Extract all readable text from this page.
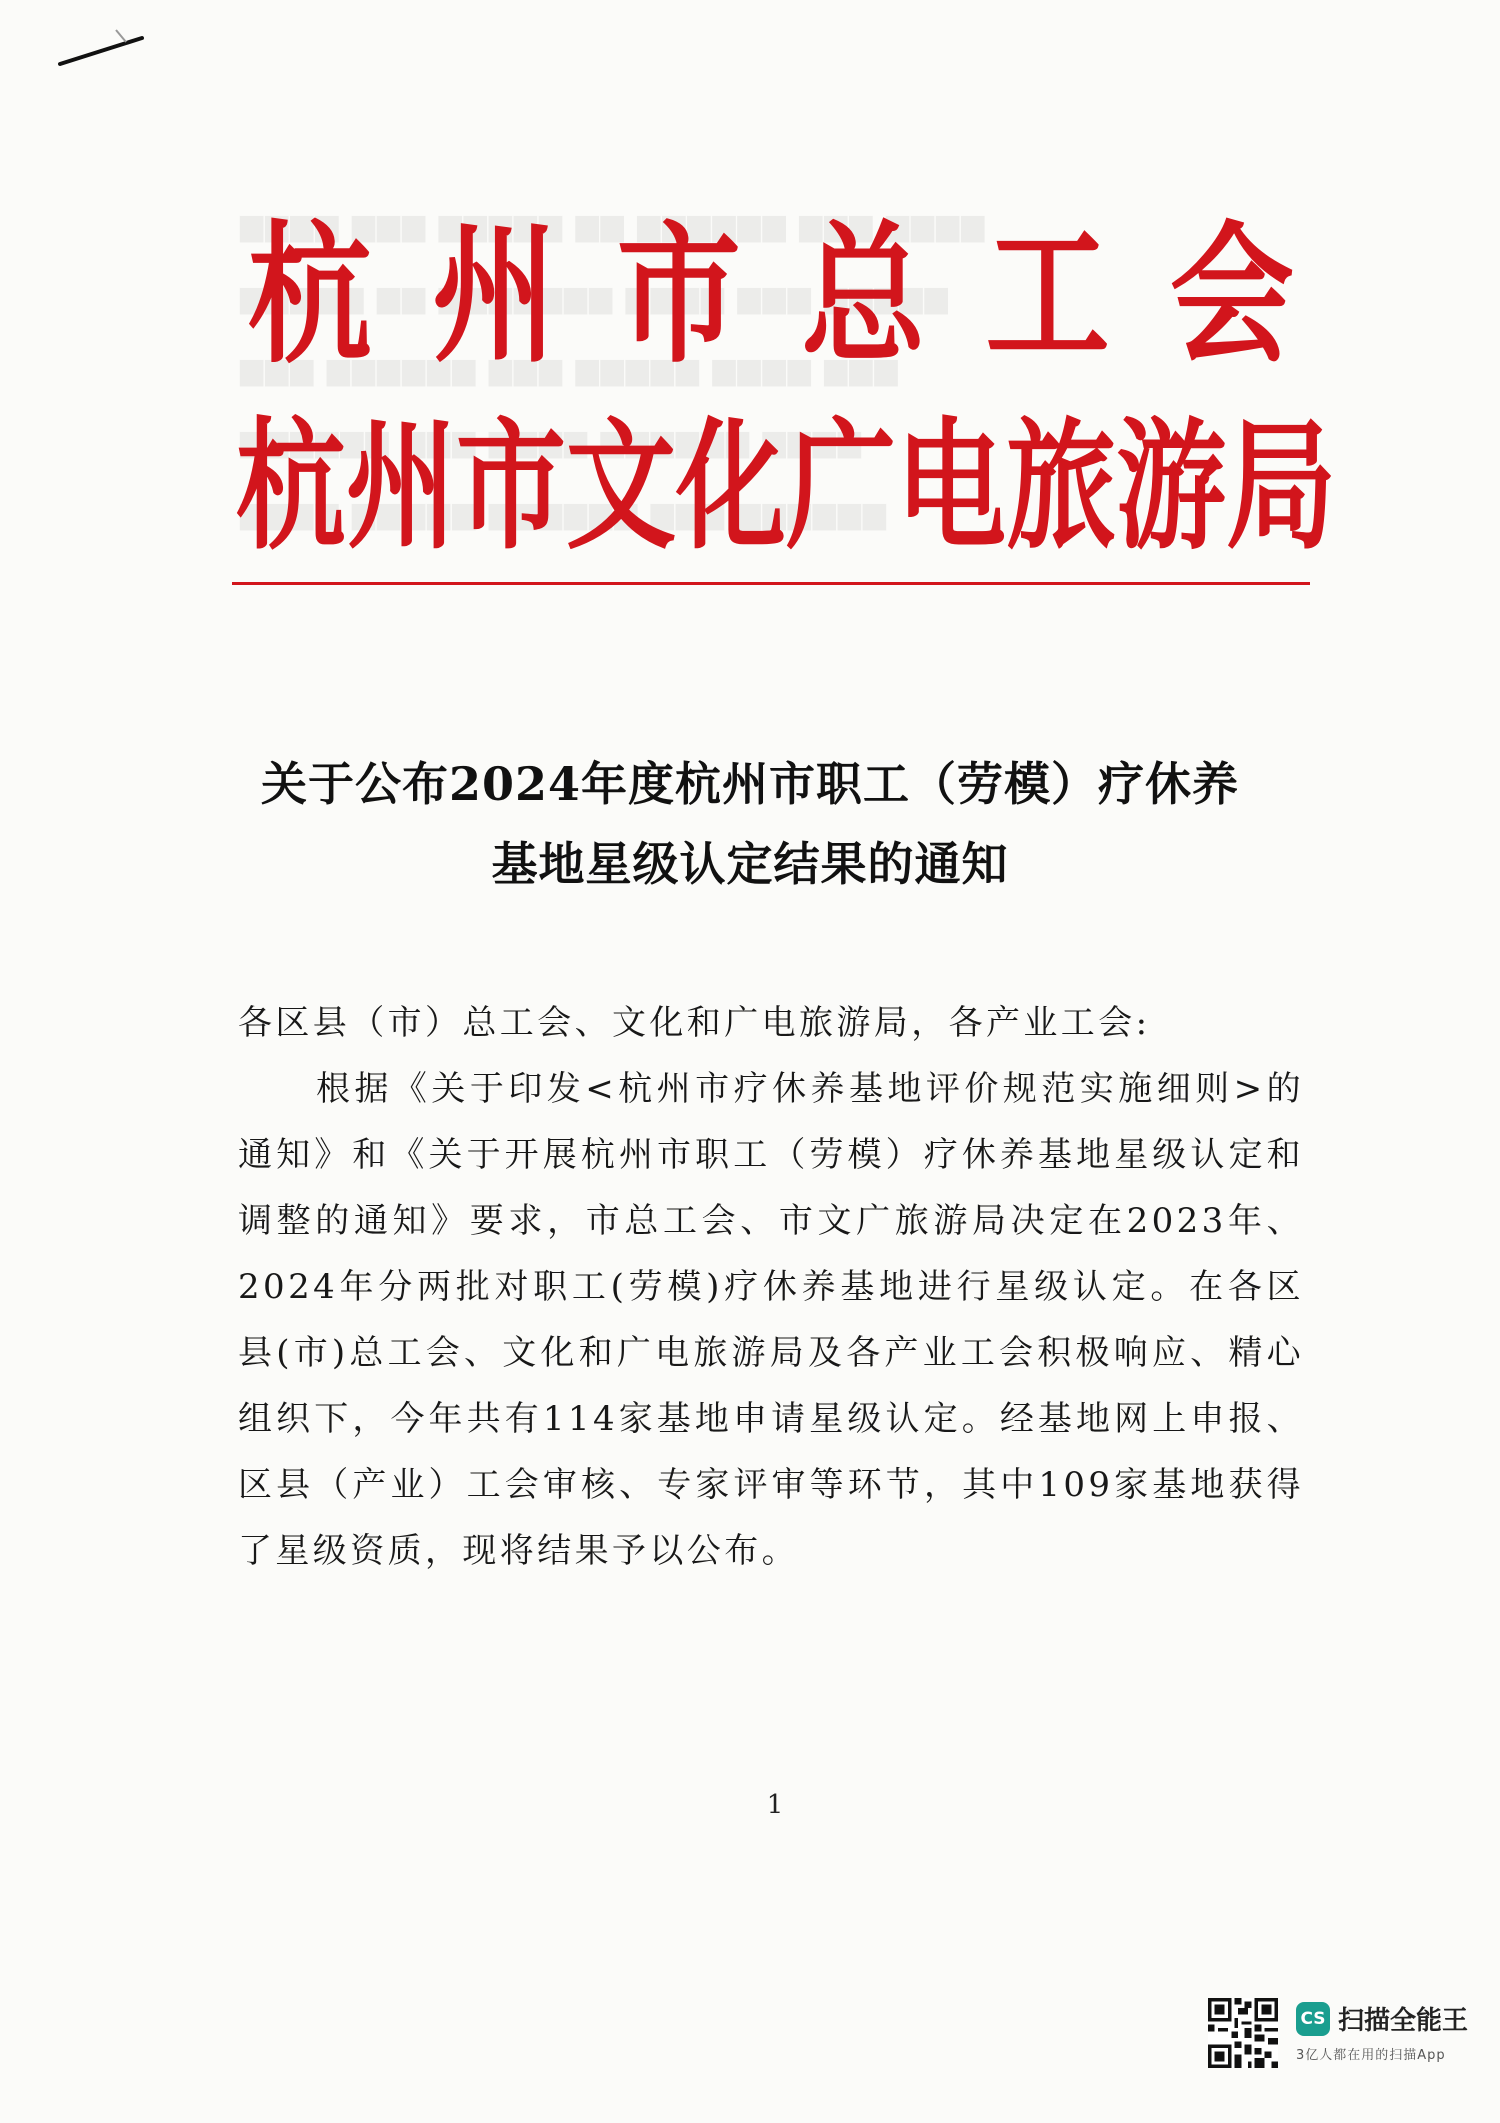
▆▆▆▆ ▆▆▆ ▆▆▆▆▆ ▆▆ ▆▆▆▆▆▆ ▆▆▆ ▆▆▆▆
▆▆▆▆▆ ▆▆ ▆▆▆▆▆▆▆ ▆▆▆▆ ▆▆▆ ▆▆▆▆▆
▆▆▆ ▆▆▆▆▆▆ ▆▆▆ ▆▆▆▆▆ ▆▆▆▆ ▆▆▆
▆▆▆▆▆▆ ▆▆▆ ▆▆▆▆ ▆▆▆▆▆▆ ▆▆▆▆
▆▆▆▆ ▆▆▆▆▆ ▆▆▆▆▆▆ ▆▆▆ ▆▆▆▆▆▆
杭 州 市 总 工 会
杭 州 市 文 化 广 电 旅 游 局
关于公布2024年度杭州市职工（劳模）疗休养
基地星级认定结果的通知

各区县（市）总工会、文化和广电旅游局，各产业工会:

根据《关于印发<杭州市疗休养基地评价规范实施细则>的通知》和《关于开展杭州市职工（劳模）疗休养基地星级认定和调整的通知》要求，市总工会、市文广旅游局决定在2023年、2024年分两批对职工(劳模)疗休养基地进行星级认定。在各区县(市)总工会、文化和广电旅游局及各产业工会积极响应、精心组织下，今年共有114家基地申请星级认定。经基地网上申报、区县（产业）工会审核、专家评审等环节，其中109家基地获得了星级资质，现将结果予以公布。

1
CS 扫描全能王
3亿人都在用的扫描App
